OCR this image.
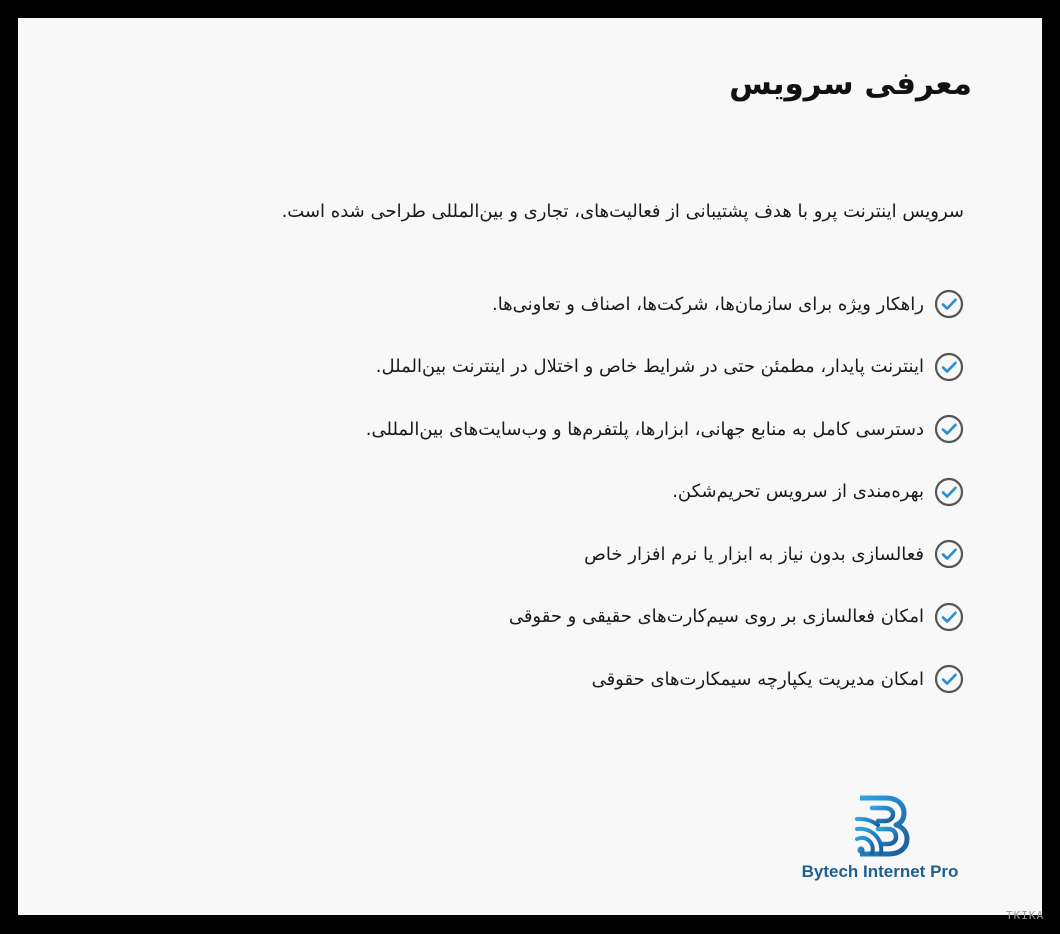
معرفی سرویس

سرویس اینترنت پرو با هدف پشتیبانی از فعالیت‌های، تجاری و بین‌المللی طراحی شده است.

راهکار ویژه برای سازمان‌ها، شرکت‌ها، اصناف و تعاونی‌ها.
اینترنت پایدار، مطمئن حتی در شرایط خاص و اختلال در اینترنت بین‌الملل.
دسترسی کامل به منابع جهانی، ابزارها، پلتفرم‌ها و وب‌سایت‌های بین‌المللی.
بهره‌مندی از سرویس تحریم‌شکن.
فعالسازی بدون نیاز به ابزار یا نرم افزار خاص
امکان فعالسازی بر روی سیم‌کارت‌های حقیقی و حقوقی
امکان مدیریت یکپارچه سیمکارت‌های حقوقی
Bytech Internet Pro
TKIKA
